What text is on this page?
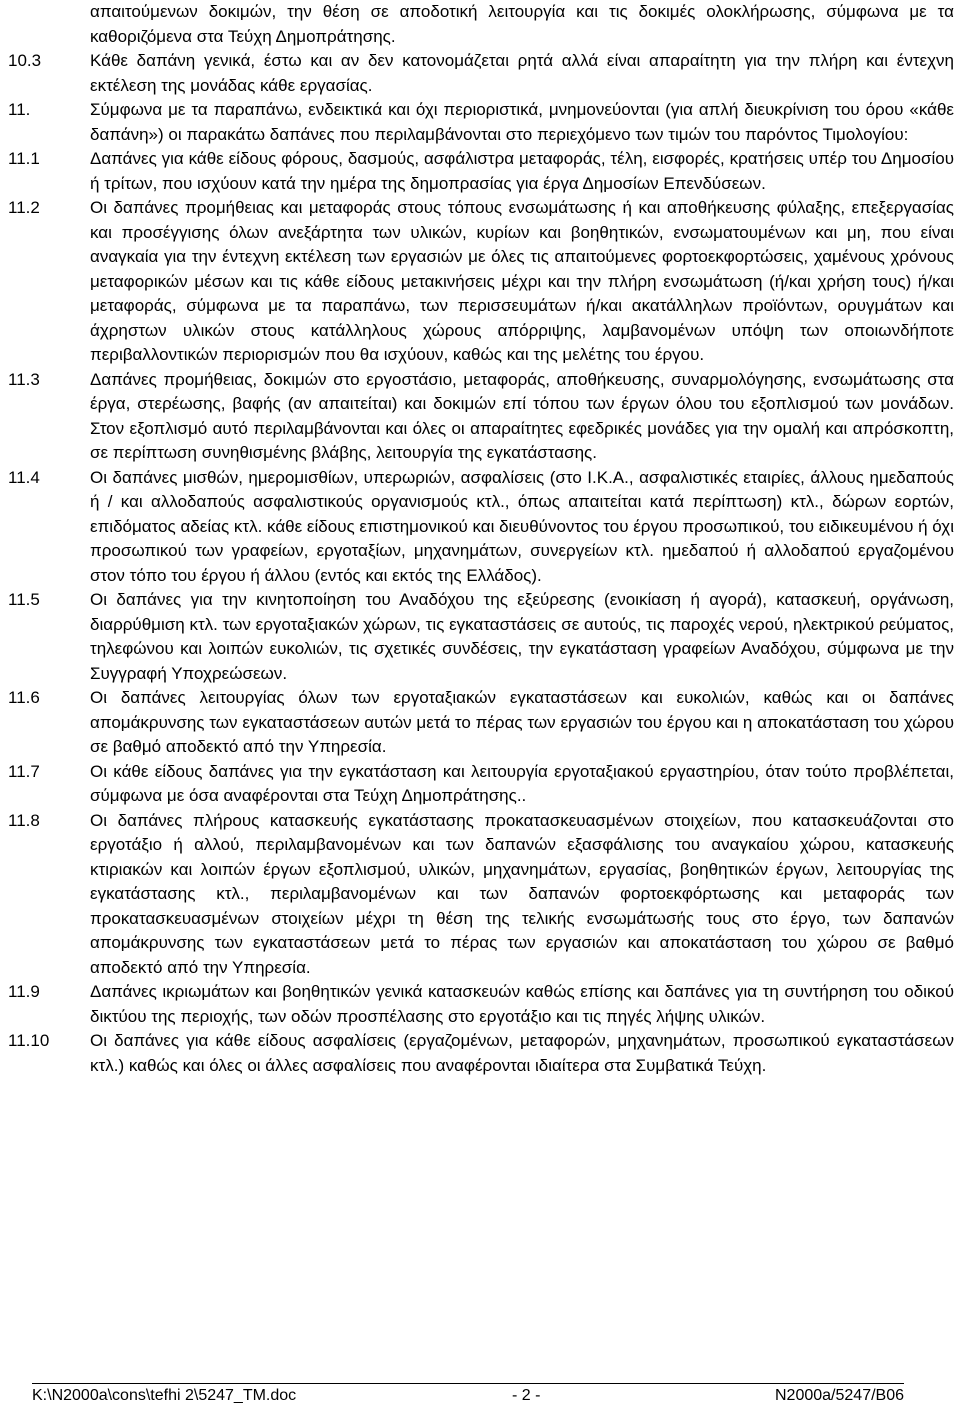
απαιτούμενων δοκιμών, την θέση σε αποδοτική λειτουργία και τις δοκιμές ολοκλήρωσης, σύμφωνα με τα καθοριζόμενα στα Τεύχη Δημοπράτησης.
10.3	Κάθε δαπάνη γενικά, έστω και αν δεν κατονομάζεται ρητά αλλά είναι απαραίτητη για την πλήρη και έντεχνη εκτέλεση της μονάδας κάθε εργασίας.
11.	Σύμφωνα με τα παραπάνω, ενδεικτικά και όχι περιοριστικά, μνημονεύονται (για απλή διευκρίνιση του όρου «κάθε δαπάνη») οι παρακάτω δαπάνες που περιλαμβάνονται στο περιεχόμενο των τιμών του παρόντος Τιμολογίου:
11.1	Δαπάνες για κάθε είδους φόρους, δασμούς, ασφάλιστρα μεταφοράς, τέλη, εισφορές, κρατήσεις υπέρ του Δημοσίου ή τρίτων, που ισχύουν κατά την ημέρα της δημοπρασίας για έργα Δημοσίων Επενδύσεων.
11.2	Οι δαπάνες προμήθειας και μεταφοράς στους τόπους ενσωμάτωσης ή και αποθήκευσης φύλαξης, επεξεργασίας και προσέγγισης όλων ανεξάρτητα των υλικών, κυρίων και βοηθητικών, ενσωματουμένων και μη, που είναι αναγκαία για την έντεχνη εκτέλεση των εργασιών με όλες τις απαιτούμενες φορτοεκφορτώσεις, χαμένους χρόνους μεταφορικών μέσων και τις κάθε είδους μετακινήσεις μέχρι και την πλήρη ενσωμάτωση (ή/και χρήση τους) ή/και μεταφοράς, σύμφωνα με τα παραπάνω, των περισσευμάτων ή/και ακατάλληλων προϊόντων, ορυγμάτων και άχρηστων υλικών στους κατάλληλους χώρους απόρριψης, λαμβανομένων υπόψη των οποιωνδήποτε περιβαλλοντικών περιορισμών που θα ισχύουν, καθώς και της μελέτης του έργου.
11.3	Δαπάνες προμήθειας, δοκιμών στο εργοστάσιο, μεταφοράς, αποθήκευσης, συναρμολόγησης, ενσωμάτωσης στα έργα, στερέωσης, βαφής (αν απαιτείται) και δοκιμών επί τόπου των έργων όλου του εξοπλισμού των μονάδων. Στον εξοπλισμό αυτό περιλαμβάνονται και όλες οι απαραίτητες εφεδρικές μονάδες για την ομαλή και απρόσκοπτη, σε περίπτωση συνηθισμένης βλάβης, λειτουργία της εγκατάστασης.
11.4	Οι δαπάνες μισθών, ημερομισθίων, υπερωριών, ασφαλίσεις (στο Ι.Κ.Α., ασφαλιστικές εταιρίες, άλλους ημεδαπούς ή / και αλλοδαπούς ασφαλιστικούς οργανισμούς κτλ., όπως απαιτείται κατά περίπτωση) κτλ., δώρων εορτών, επιδόματος αδείας κτλ. κάθε είδους επιστημονικού και διευθύνοντος του έργου προσωπικού, του ειδικευμένου ή όχι προσωπικού των γραφείων, εργοταξίων, μηχανημάτων, συνεργείων κτλ. ημεδαπού ή αλλοδαπού εργαζομένου στον τόπο του έργου ή άλλου (εντός και εκτός της Ελλάδος).
11.5	Οι δαπάνες για την κινητοποίηση του Αναδόχου της εξεύρεσης (ενοικίαση ή αγορά), κατασκευή, οργάνωση, διαρρύθμιση κτλ. των εργοταξιακών χώρων, τις εγκαταστάσεις σε αυτούς, τις παροχές νερού, ηλεκτρικού ρεύματος, τηλεφώνου και λοιπών ευκολιών, τις σχετικές συνδέσεις, την εγκατάσταση γραφείων Αναδόχου, σύμφωνα με την Συγγραφή Υποχρεώσεων.
11.6	Οι δαπάνες λειτουργίας όλων των εργοταξιακών εγκαταστάσεων και ευκολιών, καθώς και οι δαπάνες απομάκρυνσης των εγκαταστάσεων αυτών μετά το πέρας των εργασιών του έργου και η αποκατάσταση του χώρου σε βαθμό αποδεκτό από την Υπηρεσία.
11.7	Οι κάθε είδους δαπάνες για την εγκατάσταση και λειτουργία εργοταξιακού εργαστηρίου, όταν τούτο προβλέπεται, σύμφωνα με όσα αναφέρονται στα Τεύχη Δημοπράτησης..
11.8	Οι δαπάνες πλήρους κατασκευής εγκατάστασης προκατασκευασμένων στοιχείων, που κατασκευάζονται στο εργοτάξιο ή αλλού, περιλαμβανομένων και των δαπανών εξασφάλισης του αναγκαίου χώρου, κατασκευής κτιριακών και λοιπών έργων εξοπλισμού, υλικών, μηχανημάτων, εργασίας, βοηθητικών έργων, λειτουργίας της εγκατάστασης κτλ., περιλαμβανομένων και των δαπανών φορτοεκφόρτωσης και μεταφοράς των προκατασκευασμένων στοιχείων μέχρι τη θέση της τελικής ενσωμάτωσής τους στο έργο, των δαπανών απομάκρυνσης των εγκαταστάσεων μετά το πέρας των εργασιών και αποκατάσταση του χώρου σε βαθμό αποδεκτό από την Υπηρεσία.
11.9	Δαπάνες ικριωμάτων και βοηθητικών γενικά κατασκευών καθώς επίσης και δαπάνες για τη συντήρηση του οδικού δικτύου της περιοχής, των οδών προσπέλασης στο εργοτάξιο και τις πηγές λήψης υλικών.
11.10	Οι δαπάνες για κάθε είδους ασφαλίσεις (εργαζομένων, μεταφορών, μηχανημάτων, προσωπικού εγκαταστάσεων κτλ.) καθώς και όλες οι άλλες ασφαλίσεις που αναφέρονται ιδιαίτερα στα Συμβατικά Τεύχη.
K:\N2000a\cons\tefhi 2\5247_TM.doc	- 2 -	N2000a/5247/B06
